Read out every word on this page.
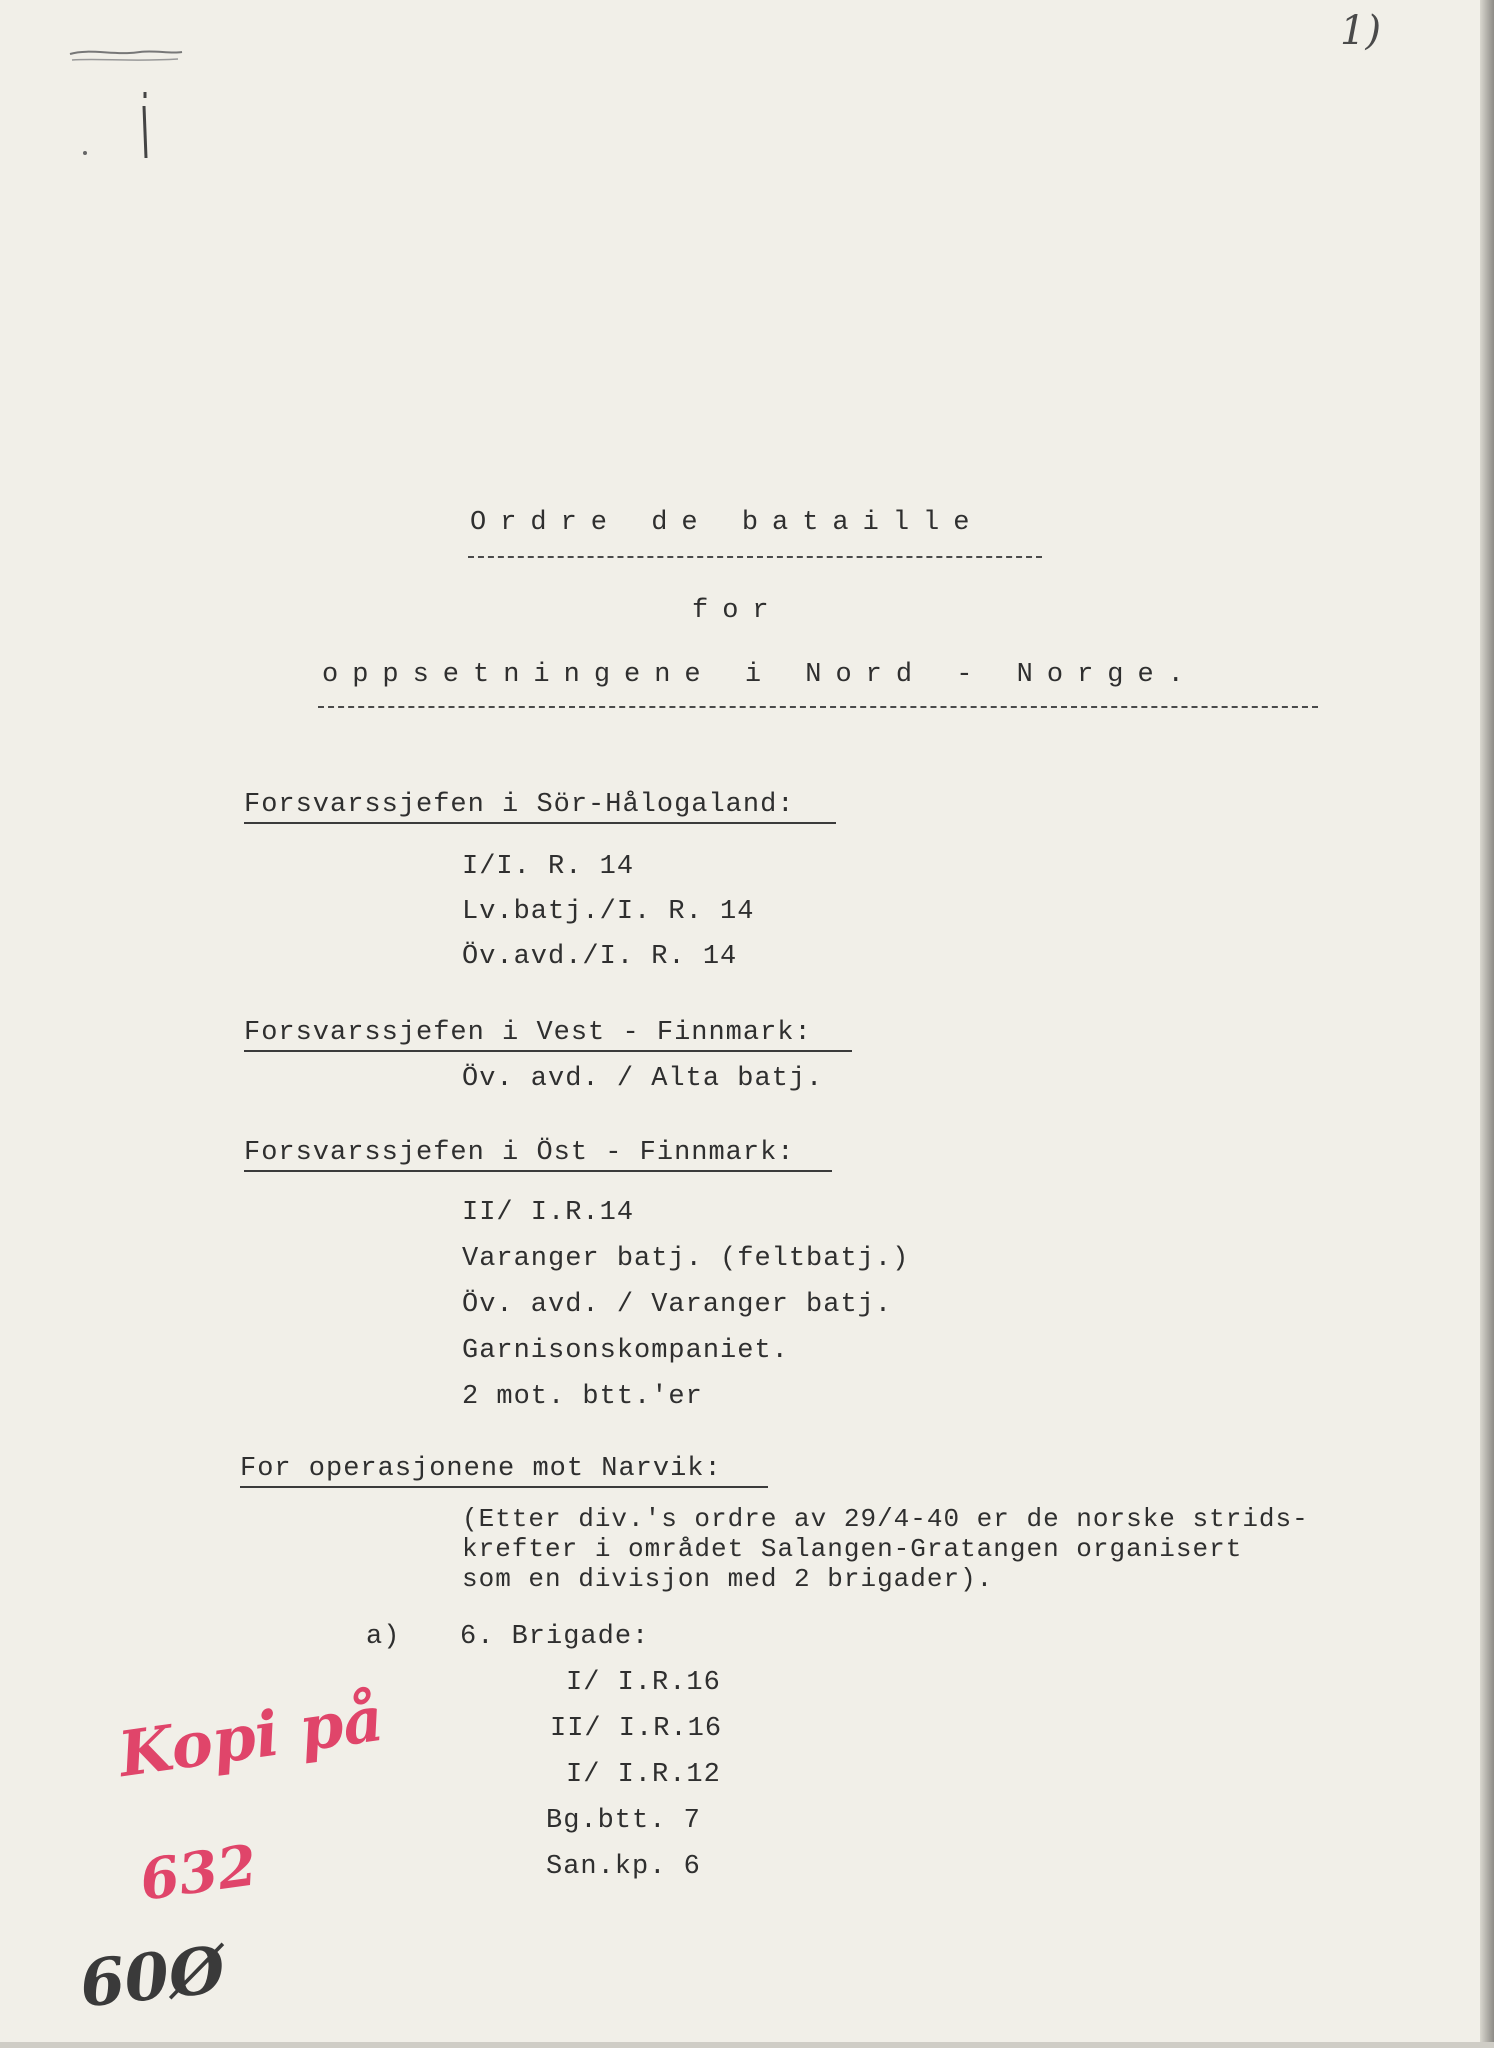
1)
Ordre de bataille
for
oppsetningene i Nord - Norge.
Forsvarssjefen i Sör-Hålogaland:
I/I. R. 14
Lv.batj./I. R. 14
Öv.avd./I. R. 14
Forsvarssjefen i Vest - Finnmark:
Öv. avd. / Alta batj.
Forsvarssjefen i Öst - Finnmark:
II/ I.R.14
Varanger batj. (feltbatj.)
Öv. avd. / Varanger batj.
Garnisonskompaniet.
2 mot. btt.'er
For operasjonene mot Narvik:
(Etter div.'s ordre av 29/4-40 er de norske strids-
krefter i området Salangen-Gratangen organisert
som en divisjon med 2 brigader).
a) 6. Brigade:
I/ I.R.16
II/ I.R.16
I/ I.R.12
Bg.btt. 7
San.kp. 6
Kopi på
632
60Ø
